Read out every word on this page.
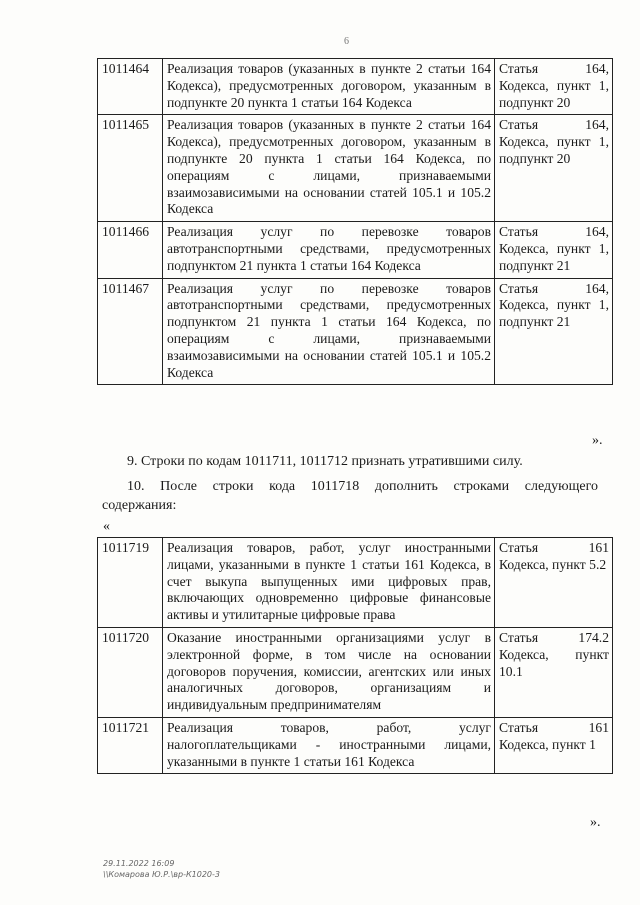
6
1011464	Реализация товаров (указанных в пункте 2 статьи 164 Кодекса), предусмотренных договором, указанным в подпункте 20 пункта 1 статьи 164 Кодекса	Статья 164, Кодекса, пункт 1, подпункт 20
1011465	Реализация товаров (указанных в пункте 2 статьи 164 Кодекса), предусмотренных договором, указанным в подпункте 20 пункта 1 статьи 164 Кодекса, по операциям с лицами, признаваемыми взаимозависимыми на основании статей 105.1 и 105.2 Кодекса	Статья 164, Кодекса, пункт 1, подпункт 20
1011466	Реализация услуг по перевозке товаров автотранспортными средствами, предусмотренных подпунктом 21 пункта 1 статьи 164 Кодекса	Статья 164, Кодекса, пункт 1, подпункт 21
1011467	Реализация услуг по перевозке товаров автотранспортными средствами, предусмотренных подпунктом 21 пункта 1 статьи 164 Кодекса, по операциям с лицами, признаваемыми взаимозависимыми на основании статей 105.1 и 105.2 Кодекса	Статья 164, Кодекса, пункт 1, подпункт 21
».
9. Строки по кодам 1011711, 1011712 признать утратившими силу.
10. После строки кода 1011718 дополнить строками следующего
содержания:
«
1011719	Реализация товаров, работ, услуг иностранными лицами, указанными в пункте 1 статьи 161 Кодекса, в счет выкупа выпущенных ими цифровых прав, включающих одновременно цифровые финансовые активы и утилитарные цифровые права	Статья 161 Кодекса, пункт 5.2
1011720	Оказание иностранными организациями услуг в электронной форме, в том числе на основании договоров поручения, комиссии, агентских или иных аналогичных договоров, организациям и индивидуальным предпринимателям	Статья 174.2 Кодекса, пункт 10.1
1011721	Реализация товаров, работ, услуг налогоплательщиками - иностранными лицами, указанными в пункте 1 статьи 161 Кодекса	Статья 161 Кодекса, пункт 1
».
29.11.2022 16:09
\\Комарова Ю.Р.\вр-К1020-3
